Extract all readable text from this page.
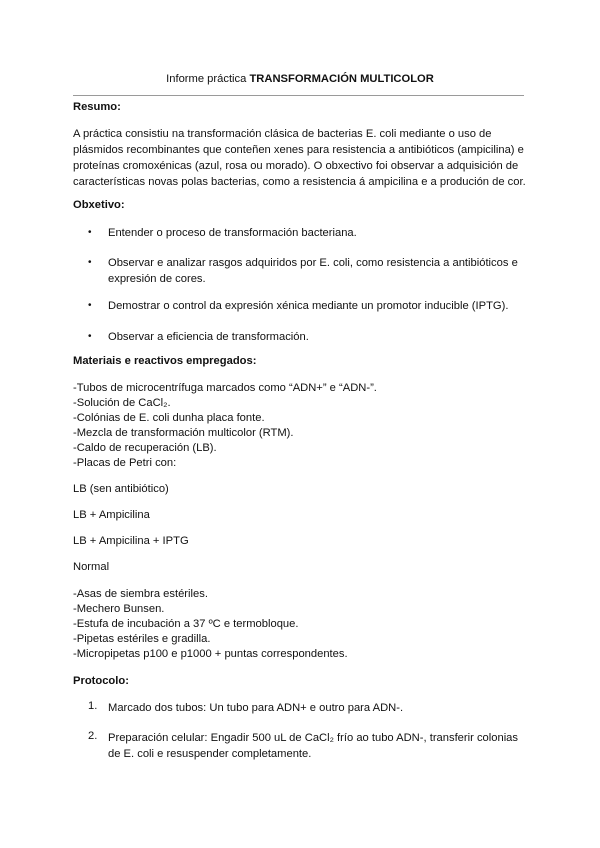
Informe práctica TRANSFORMACIÓN MULTICOLOR
Resumo:
A práctica consistiu na transformación clásica de bacterias E. coli mediante o uso de plásmidos recombinantes que conteñen xenes para resistencia a antibióticos (ampicilina) e proteínas cromoxénicas (azul, rosa ou morado). O obxectivo foi observar a adquisición de características novas polas bacterias, como a resistencia á ampicilina e a produción de cor.
Obxetivo:
• Entender o proceso de transformación bacteriana.
• Observar e analizar rasgos adquiridos por E. coli, como resistencia a antibióticos e expresión de cores.
• Demostrar o control da expresión xénica mediante un promotor inducible (IPTG).
• Observar a eficiencia de transformación.
Materiais e reactivos empregados:
-Tubos de microcentrífuga marcados como “ADN+” e “ADN-”.
-Solución de CaCl₂.
-Colónias de E. coli dunha placa fonte.
-Mezcla de transformación multicolor (RTM).
-Caldo de recuperación (LB).
-Placas de Petri con:
LB (sen antibiótico)
LB + Ampicilina
LB + Ampicilina + IPTG
Normal
-Asas de siembra estériles.
-Mechero Bunsen.
-Estufa de incubación a 37 ºC e termobloque.
-Pipetas estériles e gradilla.
-Micropipetas p100 e p1000 + puntas correspondentes.
Protocolo:
1. Marcado dos tubos: Un tubo para ADN+ e outro para ADN-.
2. Preparación celular: Engadir 500 uL de CaCl₂ frío ao tubo ADN-, transferir colonias de E. coli e resuspender completamente.
